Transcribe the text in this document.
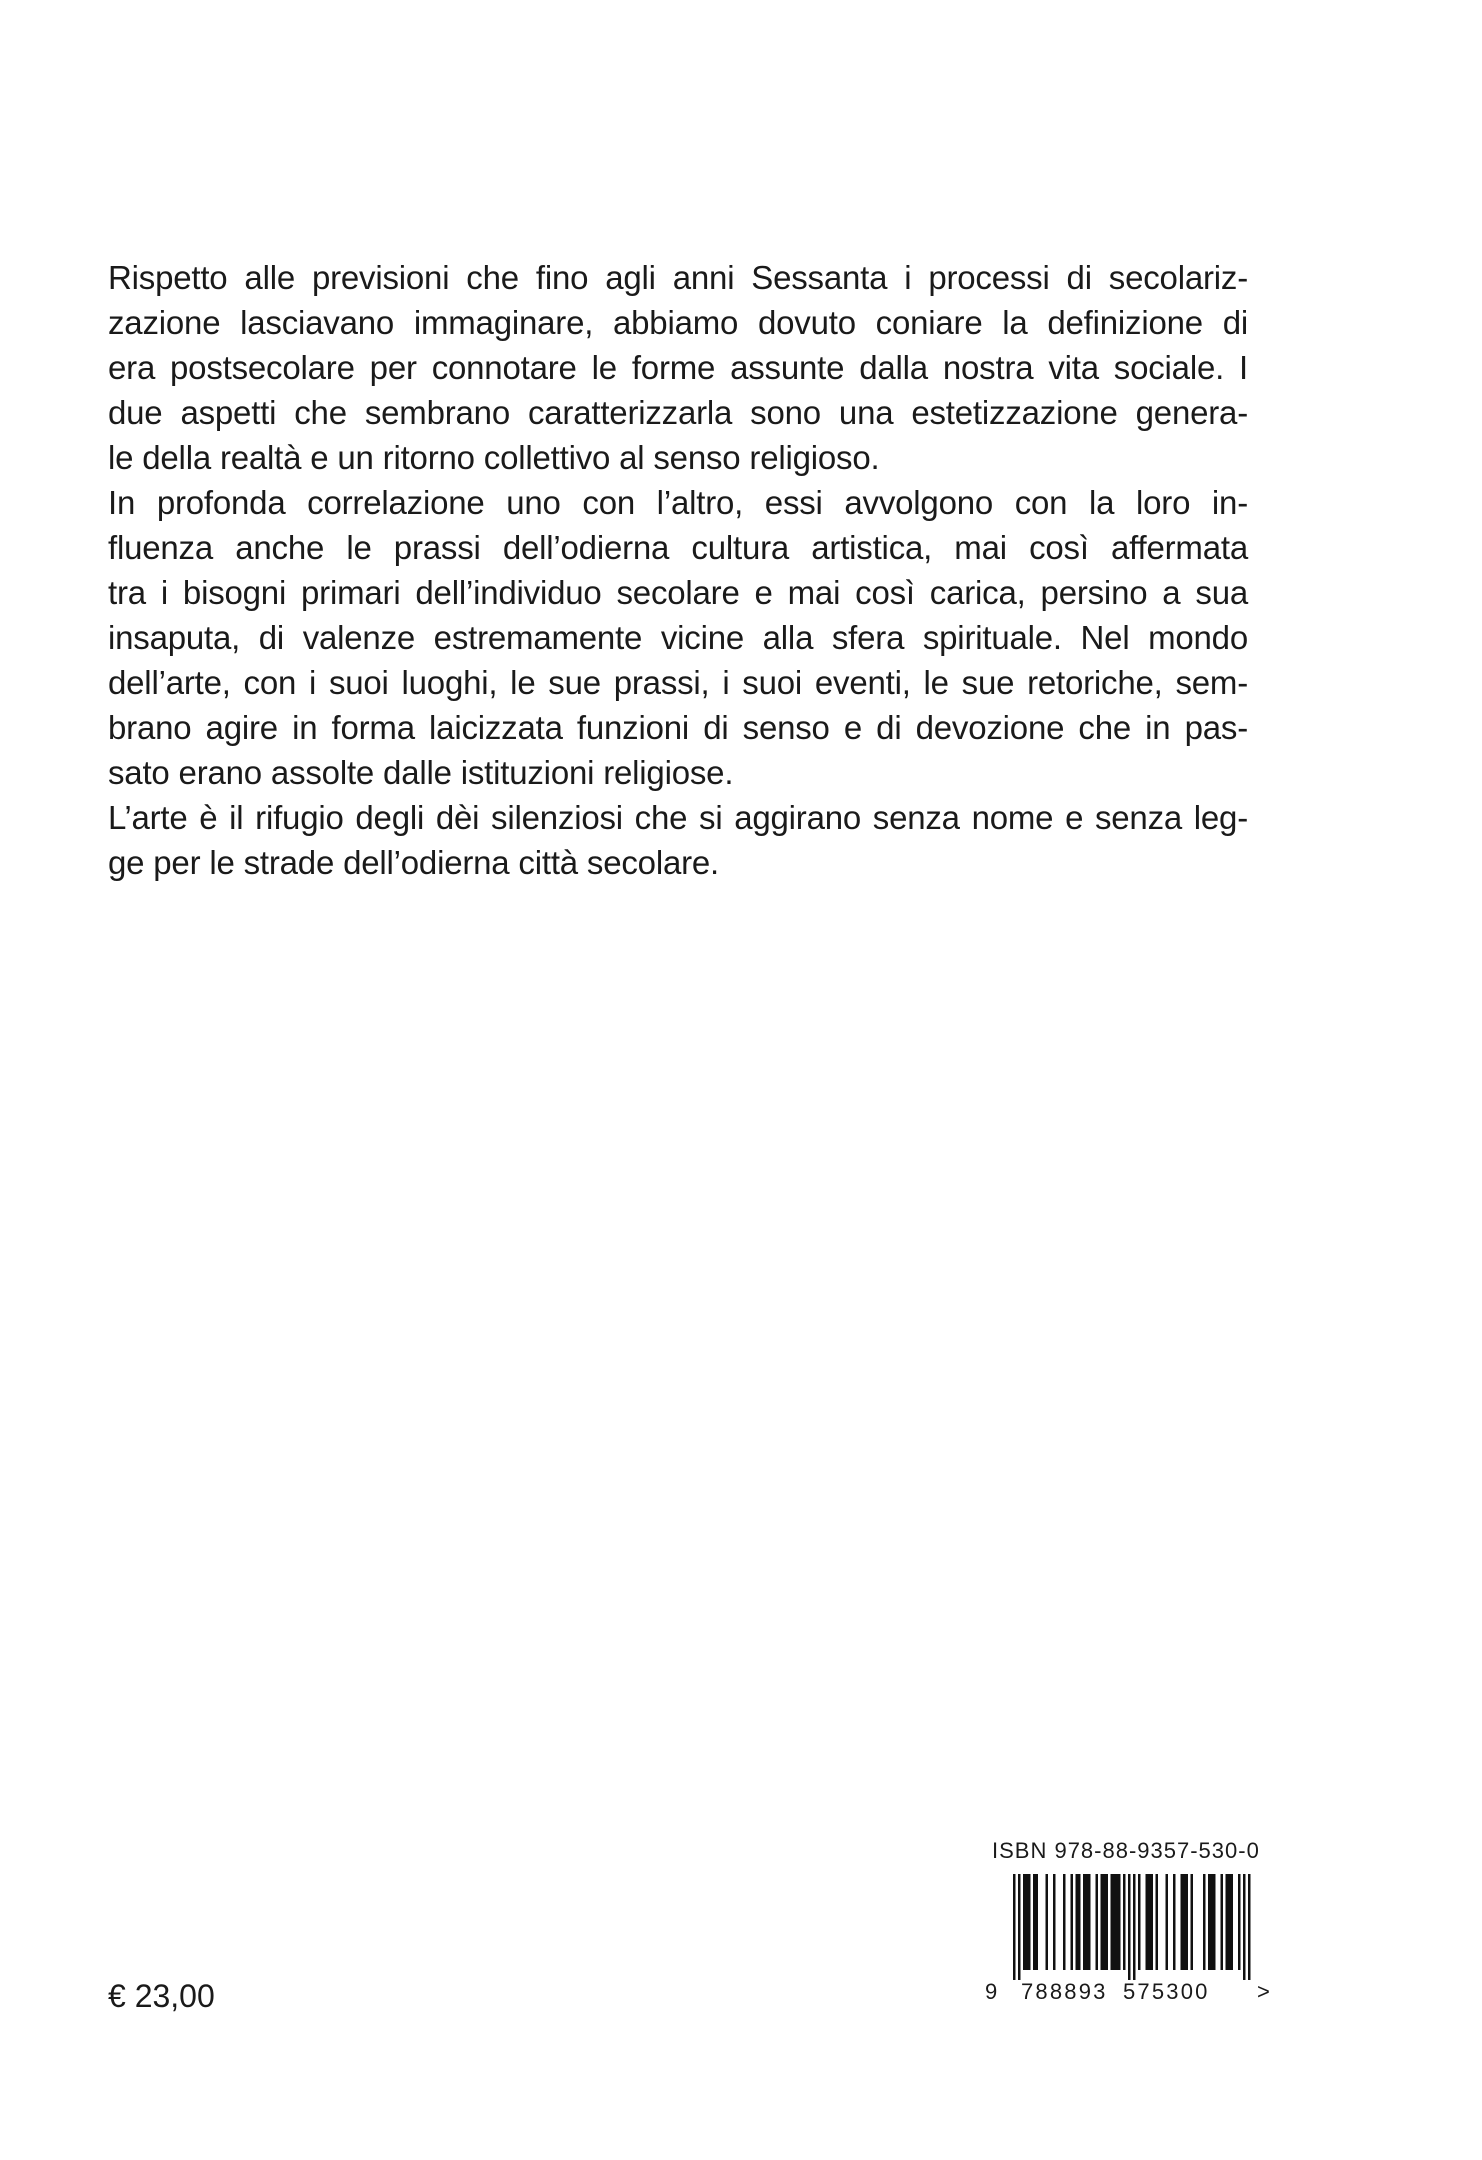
Rispetto alle previsioni che fino agli anni Sessanta i processi di secolariz-
zazione lasciavano immaginare, abbiamo dovuto coniare la definizione di
era postsecolare per connotare le forme assunte dalla nostra vita sociale. I
due aspetti che sembrano caratterizzarla sono una estetizzazione genera-
le della realtà e un ritorno collettivo al senso religioso.
In profonda correlazione uno con l’altro, essi avvolgono con la loro in-
fluenza anche le prassi dell’odierna cultura artistica, mai così affermata
tra i bisogni primari dell’individuo secolare e mai così carica, persino a sua
insaputa, di valenze estremamente vicine alla sfera spirituale. Nel mondo
dell’arte, con i suoi luoghi, le sue prassi, i suoi eventi, le sue retoriche, sem-
brano agire in forma laicizzata funzioni di senso e di devozione che in pas-
sato erano assolte dalle istituzioni religiose.
L’arte è il rifugio degli dèi silenziosi che si aggirano senza nome e senza leg-
ge per le strade dell’odierna città secolare.
€ 23,00
ISBN 978-88-9357-530-0
9 788893 575300 >
